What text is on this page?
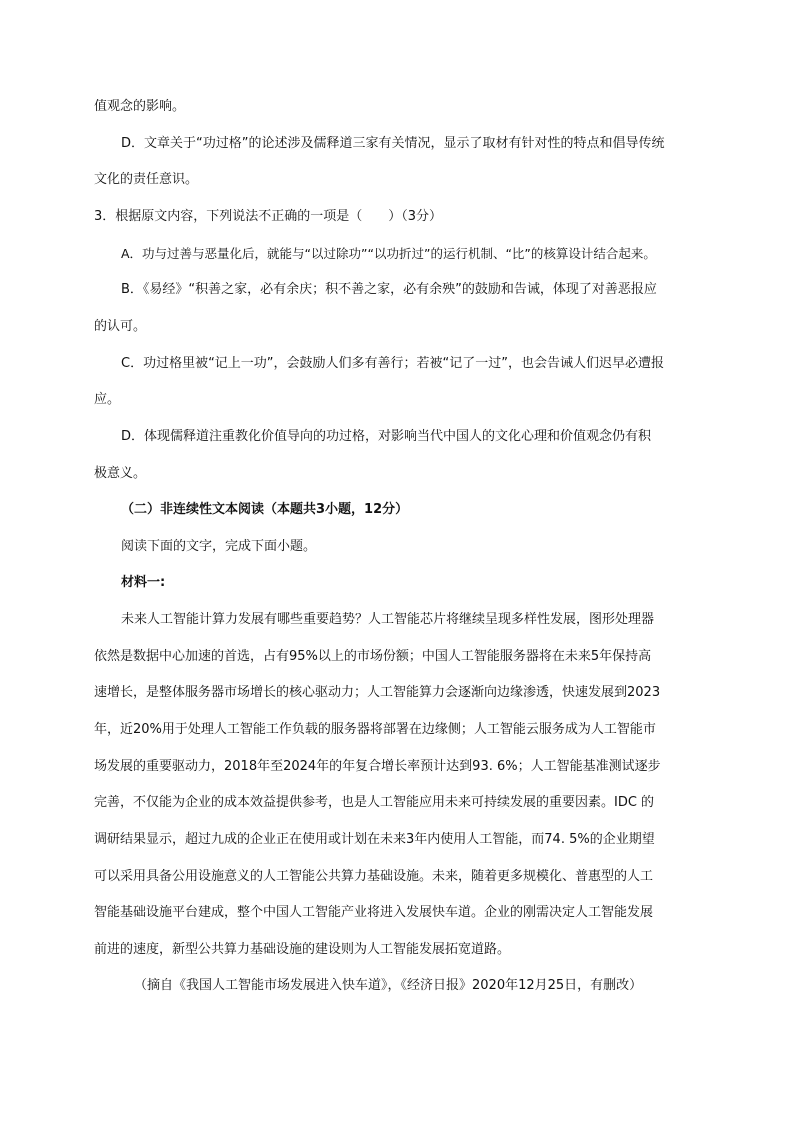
值观念的影响。
D．文章关于“功过格”的论述涉及儒释道三家有关情况，显示了取材有针对性的特点和倡导传统
文化的责任意识。
3．根据原文内容，下列说法不正确的一项是（　　）（3分）
A．功与过善与恶量化后，就能与“以过除功”“以功折过”的运行机制、“比”的核算设计结合起来。
B．《易经》“积善之家，必有余庆；积不善之家，必有余殃”的鼓励和告诫，体现了对善恶报应
的认可。
C．功过格里被“记上一功”，会鼓励人们多有善行；若被“记了一过”，也会告诫人们迟早必遭报
应。
D．体现儒释道注重教化价值导向的功过格，对影响当代中国人的文化心理和价值观念仍有积
极意义。
（二）非连续性文本阅读（本题共3小题，12分）
阅读下面的文字，完成下面小题。
材料一:
未来人工智能计算力发展有哪些重要趋势？人工智能芯片将继续呈现多样性发展，图形处理器
依然是数据中心加速的首选，占有95%以上的市场份额；中国人工智能服务器将在未来5年保持高
速增长，是整体服务器市场增长的核心驱动力；人工智能算力会逐渐向边缘渗透，快速发展到2023
年，近20%用于处理人工智能工作负载的服务器将部署在边缘侧；人工智能云服务成为人工智能市
场发展的重要驱动力，2018年至2024年的年复合增长率预计达到93. 6%；人工智能基准测试逐步
完善，不仅能为企业的成本效益提供参考，也是人工智能应用未来可持续发展的重要因素。IDC 的
调研结果显示，超过九成的企业正在使用或计划在未来3年内使用人工智能，而74. 5%的企业期望
可以采用具备公用设施意义的人工智能公共算力基础设施。未来，随着更多规模化、普惠型的人工
智能基础设施平台建成，整个中国人工智能产业将进入发展快车道。企业的刚需决定人工智能发展
前进的速度，新型公共算力基础设施的建设则为人工智能发展拓宽道路。
（摘自《我国人工智能市场发展进入快车道》，《经济日报》2020年12月25日，有删改）
